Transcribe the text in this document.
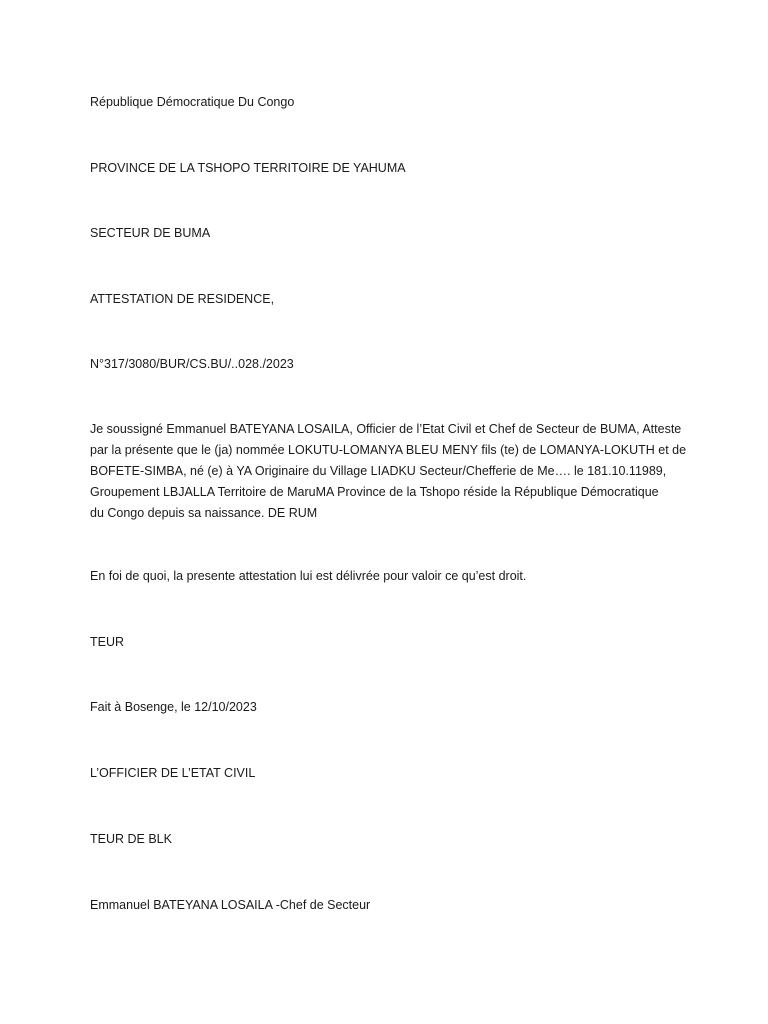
République Démocratique Du Congo
PROVINCE DE LA TSHOPO TERRITOIRE DE YAHUMA
SECTEUR DE BUMA
ATTESTATION DE RESIDENCE,
N°317/3080/BUR/CS.BU/..028./2023
Je soussigné Emmanuel BATEYANA LOSAILA, Officier de l’Etat Civil et Chef de Secteur de BUMA, Atteste
par la présente que le (ja) nommée LOKUTU-LOMANYA BLEU MENY fils (te) de LOMANYA-LOKUTH et de
BOFETE-SIMBA, né (e) à YA Originaire du Village LIADKU Secteur/Chefferie de Me…. le 181.10.11989,
Groupement LBJALLA Territoire de MaruMA Province de la Tshopo réside la République Démocratique
du Congo depuis sa naissance. DE RUM
En foi de quoi, la presente attestation lui est délivrée pour valoir ce qu’est droit.
TEUR
Fait à Bosenge, le 12/10/2023
L’OFFICIER DE L’ETAT CIVIL
TEUR DE BLK
Emmanuel BATEYANA LOSAILA -Chef de Secteur
